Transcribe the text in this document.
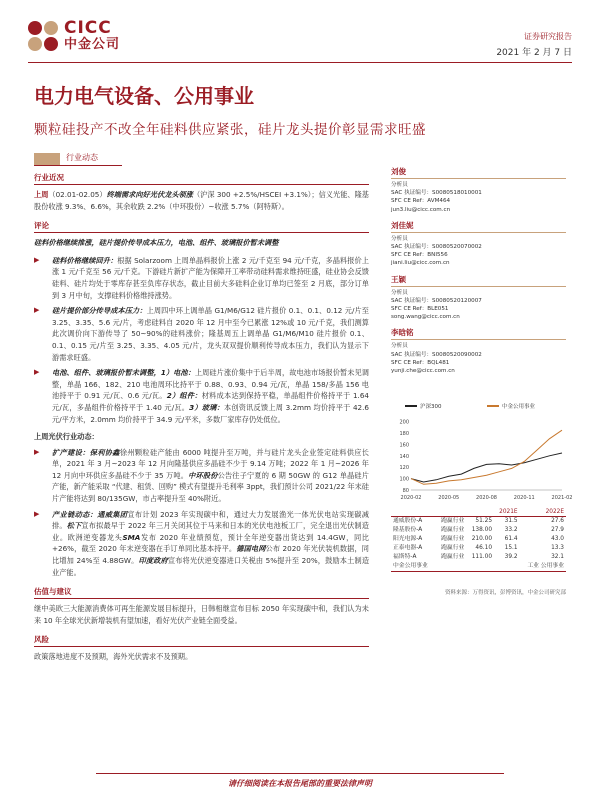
CICC
中金公司
证券研究报告
2021 年 2 月 7 日
电力电气设备、公用事业
颗粒硅投产不改全年硅料供应紧张，硅片龙头提价彰显需求旺盛
行业动态
行业近况
上周（02.01-02.05）终端需求向好光伏龙头领涨（沪深 300 +2.5%/HSCEI +3.1%）；信义光能、隆基股份收涨 9.3%、6.6%，其余收跌 2.2%（中环股份）~收涨 5.7%（阿特斯）。
评论
硅料价格继续推涨，硅片提价传导成本压力，电池、组件、玻璃报价暂未调整
▶ 硅料价格继续回升：根据 Solarzoom 上周单晶料报价上涨 2 元/千克至 94 元/千克，多晶料报价上涨 1 元/千克至 56 元/千克。下游硅片新扩产能为保障开工率带动硅料需求维持旺盛，硅业协会反馈硅料、硅片均处于零库存甚至负库存状态，截止目前大多硅料企业订单均已签至 2 月底，部分订单到 3 月中旬，支撑硅料价格维持涨势。
▶ 硅片提价部分传导成本压力：上周四中环上调单晶 G1/M6/G12 硅片报价 0.1、0.1、0.12 元/片至 3.25、3.35、5.6 元/片，考虑硅料自 2020 年 12 月中至今已累涨 12%或 10 元/千克，我们测算此次调价向下游传导了 50~90%的硅料涨价；隆基周五上调单晶 G1/M6/M10 硅片报价 0.1、0.1、0.15 元/片至 3.25、3.35、4.05 元/片，龙头双双提价顺利传导成本压力，我们认为显示下游需求旺盛。
▶ 电池、组件、玻璃报价暂未调整，1）电池：上周硅片涨价集中于后半周，故电池市场报价暂未见调整，单晶 166、182、210 电池周环比持平于 0.88、0.93、0.94 元/瓦，单晶 158/多晶 156 电池持平于 0.91 元/瓦、0.6 元/瓦。2）组件：材料成本达到保持平稳，单晶组件价格持平于 1.64 元/瓦，多晶组件价格持平于 1.40 元/瓦。3）玻璃：本创资讯反馈上周 3.2mm 均价持平于 42.6 元/平方米，2.0mm 均价持平于 34.9 元/平米，多数厂家库存仍处低位。
上周光伏行业动态：
▶ 扩产建设：保利协鑫徐州颗粒硅产能由 6000 吨提升至万吨，并与硅片龙头企业签定硅料供应长单，2021 年 3 月~2023 年 12 月向隆基供应多晶硅不少于 9.14 万吨；2022 年 1 月~2026 年 12 月向中环供应多晶硅不少于 35 万吨。中环股份公告往子宁夏的 6 期 50GW 的 G12 单晶硅片产能，新产能采取 “代建、租赁、回购” 模式有望提升毛利率 3ppt，我们预计公司 2021/22 年末硅片产能将达到 80/135GW，市占率提升至 40%附近。
▶ 产业链动态：通威集团宣布计划 2023 年实现碳中和，通过大力发展渔光一体光伏电站实现碳减排。松下宣布拟最早于 2022 年三月关闭其位于马来和日本的光伏电池板工厂，完全退出光伏制造业。欧洲逆变器龙头SMA发布 2020 年业绩预览，预计全年逆变器出货达到 14.4GW，同比+26%，截至 2020 年末逆变器在手订单同比基本持平。德国电网公布 2020 年光伏装机数据，同比增加 24%至 4.88GW。印度政府宣布将光伏逆变器进口关税由 5%提升至 20%，鼓励本土制造业产能。
估值与建议
继中美欧三大能源消费体可再生能源发展目标提升，日韩相继宣布目标 2050 年实现碳中和，我们认为未来 10 年全球光伏新增装机有望加速，看好光伏产业链全面受益。
风险
政策落地进度不及预期，海外光伏需求不及预期。
刘俊
分析员
SAC 执证编号：S0080518010001
SFC CE Ref：AVM464
jun3.liu@cicc.com.cn
刘佳妮
分析员
SAC 执证编号：S0080520070002
SFC CE Ref：BNI556
jiani.liu@cicc.com.cn
王颖
分析员
SAC 执证编号：S0080520120007
SFC CE Ref：BLE051
song.wang@cicc.com.cn
李晗铭
分析员
SAC 执证编号：S0080520090002
SFC CE Ref：BQL481
yunji.che@cicc.com.cn
沪深300	中金公用事业
80
100
120
140
160
180
200
2020-02	2020-05	2020-08	2020-11	2021-02
			2021E	2022E
通威股份-A	跑赢行业	51.25	31.5	27.6
隆基股份-A	跑赢行业	138.00	33.2	27.9
阳光电源-A	跑赢行业	210.00	61.4	43.0
正泰电器-A	跑赢行业	46.10	15.1	13.3
福斯特-A	跑赢行业	111.00	39.2	32.1
中金公用事业				工业 公用事业
资料来源：万得资讯，彭博资讯，中金公司研究部
请仔细阅读在本报告尾部的重要法律声明
